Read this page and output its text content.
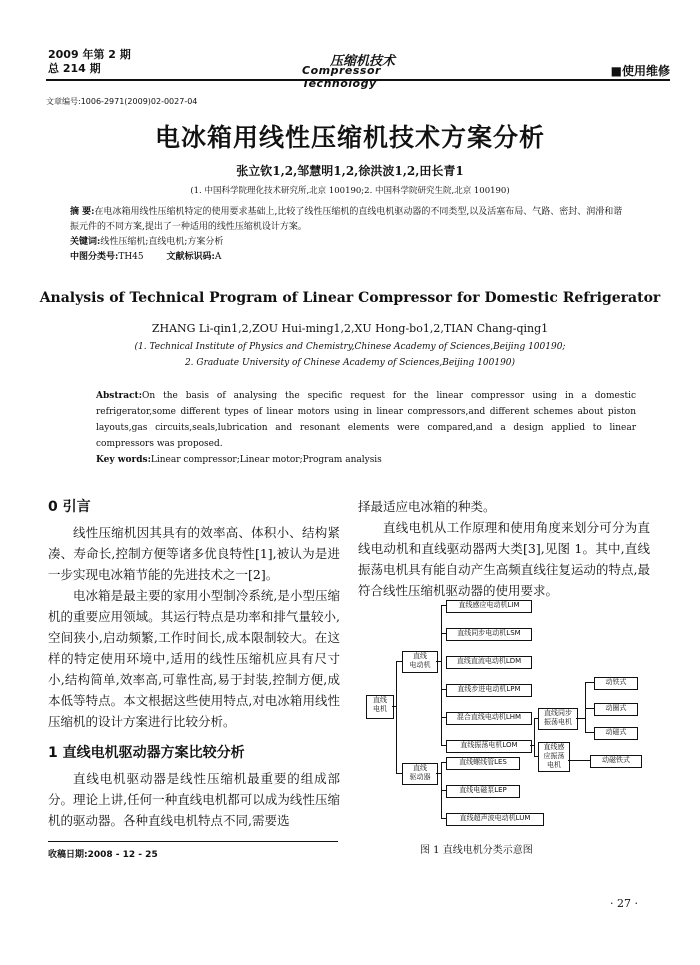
2009 年第 2 期
总 214 期	压缩机技术
Compressor Technology
■使用维修
文章编号:1006-2971(2009)02-0027-04
电冰箱用线性压缩机技术方案分析
张立钦1,2,邹慧明1,2,徐洪波1,2,田长青1
(1. 中国科学院理化技术研究所,北京 100190;2. 中国科学院研究生院,北京 100190)
摘 要:在电冰箱用线性压缩机特定的使用要求基础上,比较了线性压缩机的直线电机驱动器的不同类型,以及活塞布局、气路、密封、润滑和谐振元件的不同方案,提出了一种适用的线性压缩机设计方案。
关键词:线性压缩机;直线电机;方案分析
中图分类号:TH45	文献标识码:A
Analysis of Technical Program of Linear Compressor for Domestic Refrigerator
ZHANG Li-qin1,2,ZOU Hui-ming1,2,XU Hong-bo1,2,TIAN Chang-qing1
(1. Technical Institute of Physics and Chemistry,Chinese Academy of Sciences,Beijing 100190;
2. Graduate University of Chinese Academy of Sciences,Beijing 100190)
Abstract:On the basis of analysing the specific request for the linear compressor using in a domestic refrigerator,some different types of linear motors using in linear compressors,and different schemes about piston layouts,gas circuits,seals,lubrication and resonant elements were compared,and a design applied to linear compressors was proposed.
Key words:Linear compressor;Linear motor;Program analysis
0 引言
线性压缩机因其具有的效率高、体积小、结构紧凑、寿命长,控制方便等诸多优良特性[1],被认为是进一步实现电冰箱节能的先进技术之一[2]。
电冰箱是最主要的家用小型制冷系统,是小型压缩机的重要应用领域。其运行特点是功率和排气量较小,空间狭小,启动频繁,工作时间长,成本限制较大。在这样的特定使用环境中,适用的线性压缩机应具有尺寸小,结构简单,效率高,可靠性高,易于封装,控制方便,成本低等特点。本文根据这些使用特点,对电冰箱用线性压缩机的设计方案进行比较分析。
1 直线电机驱动器方案比较分析
直线电机驱动器是线性压缩机最重要的组成部分。理论上讲,任何一种直线电机都可以成为线性压缩机的驱动器。各种直线电机特点不同,需要选
择最适应电冰箱的种类。
直线电机从工作原理和使用角度来划分可分为直线电动机和直线驱动器两大类[3],见图 1。其中,直线振荡电机具有能自动产生高频直线往复运动的特点,最符合线性压缩机驱动器的使用要求。
直线
电机
直线
电动机
直线
驱动器
直线感应电动机LIM
直线同步电动机LSM
直线直流电动机LDM
直线步进电动机LPM
混合直线电动机LHM
直线振荡电机LOM
直线螺线管LES
直线电磁泵LEP
直线超声波电动机LUM
直线同步
振荡电机
直线感
应振荡
电机
动铁式
动圈式
动磁式
动磁铁式
收稿日期:2008 - 12 - 25	图 1 直线电机分类示意图
· 27 ·
